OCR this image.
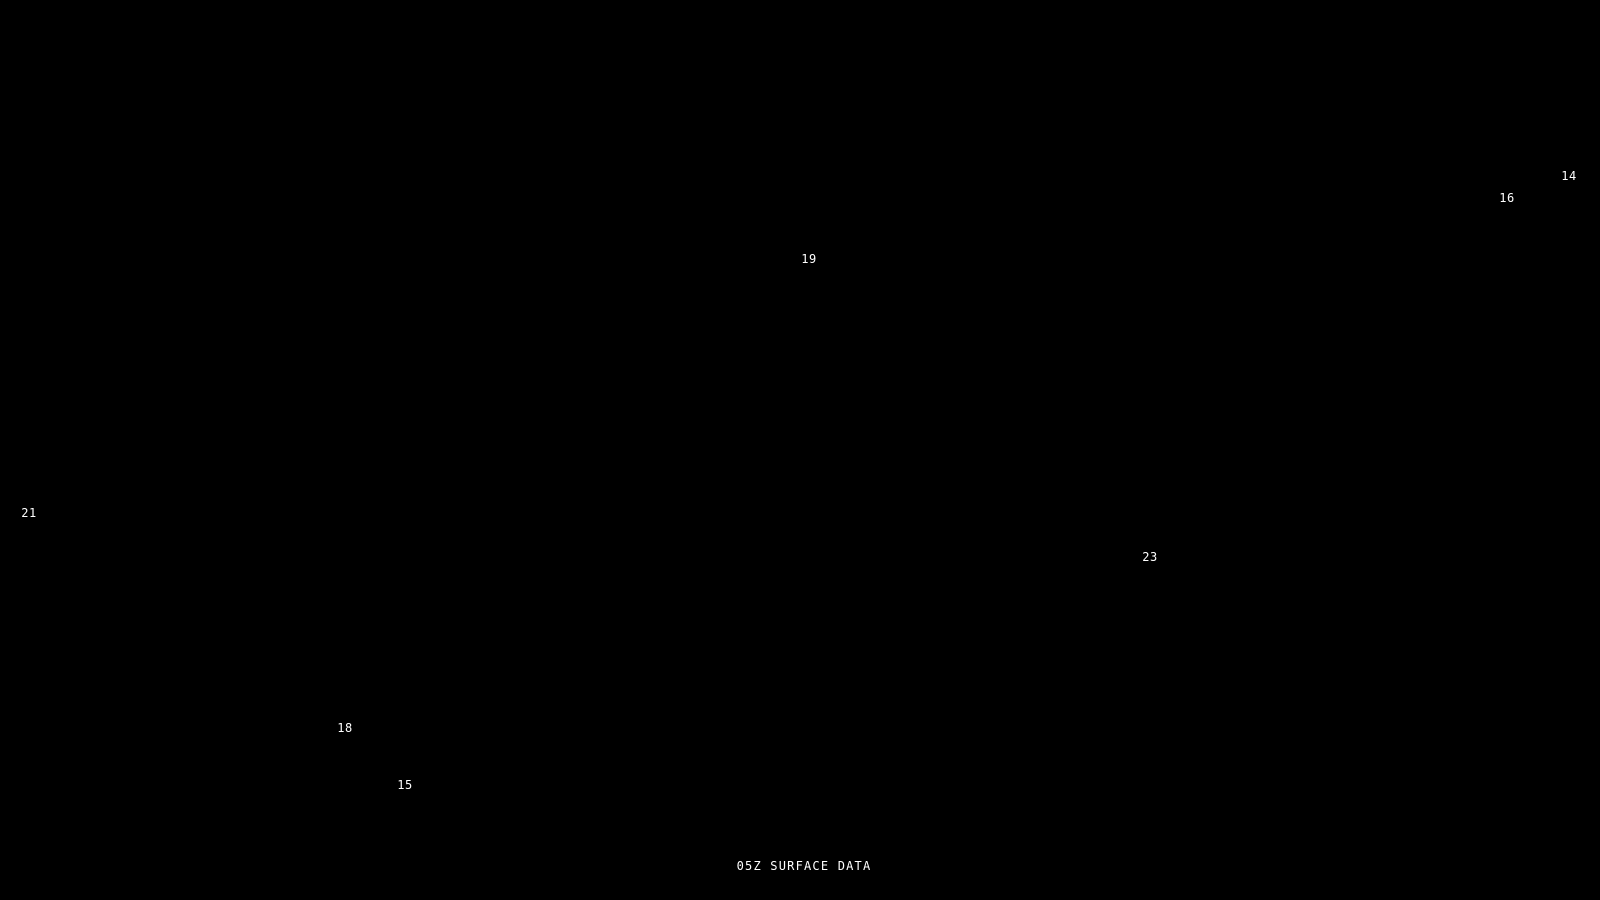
14
16
19
21
23
18
15
05Z SURFACE DATA
